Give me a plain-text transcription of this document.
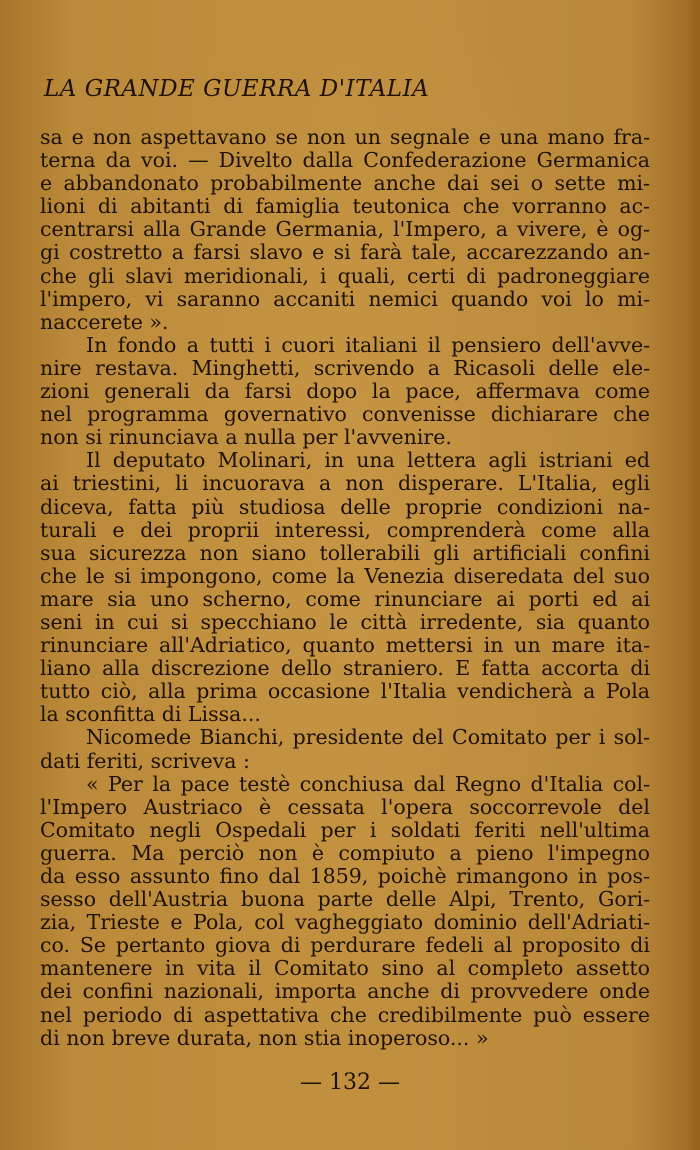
LA GRANDE GUERRA D'ITALIA

sa e non aspettavano se non un segnale e una mano fra-

terna da voi. — Divelto dalla Confederazione Germanica

e abbandonato probabilmente anche dai sei o sette mi-

lioni di abitanti di famiglia teutonica che vorranno ac-

centrarsi alla Grande Germania, l'Impero, a vivere, è og-

gi costretto a farsi slavo e si farà tale, accarezzando an-

che gli slavi meridionali, i quali, certi di padroneggiare

l'impero, vi saranno accaniti nemici quando voi lo mi-

naccerete ».

In fondo a tutti i cuori italiani il pensiero dell'avve-

nire restava. Minghetti, scrivendo a Ricasoli delle ele-

zioni generali da farsi dopo la pace, affermava come

nel programma governativo convenisse dichiarare che

non si rinunciava a nulla per l'avvenire.

Il deputato Molinari, in una lettera agli istriani ed

ai triestini, li incuorava a non disperare. L'Italia, egli

diceva, fatta più studiosa delle proprie condizioni na-

turali e dei proprii interessi, comprenderà come alla

sua sicurezza non siano tollerabili gli artificiali confini

che le si impongono, come la Venezia diseredata del suo

mare sia uno scherno, come rinunciare ai porti ed ai

seni in cui si specchiano le città irredente, sia quanto

rinunciare all'Adriatico, quanto mettersi in un mare ita-

liano alla discrezione dello straniero. E fatta accorta di

tutto ciò, alla prima occasione l'Italia vendicherà a Pola

la sconfitta di Lissa...

Nicomede Bianchi, presidente del Comitato per i sol-

dati feriti, scriveva :

« Per la pace testè conchiusa dal Regno d'Italia col-

l'Impero Austriaco è cessata l'opera soccorrevole del

Comitato negli Ospedali per i soldati feriti nell'ultima

guerra. Ma perciò non è compiuto a pieno l'impegno

da esso assunto fino dal 1859, poichè rimangono in pos-

sesso dell'Austria buona parte delle Alpi, Trento, Gori-

zia, Trieste e Pola, col vagheggiato dominio dell'Adriati-

co. Se pertanto giova di perdurare fedeli al proposito di

mantenere in vita il Comitato sino al completo assetto

dei confini nazionali, importa anche di provvedere onde

nel periodo di aspettativa che credibilmente può essere

di non breve durata, non stia inoperoso... »

— 132 —
